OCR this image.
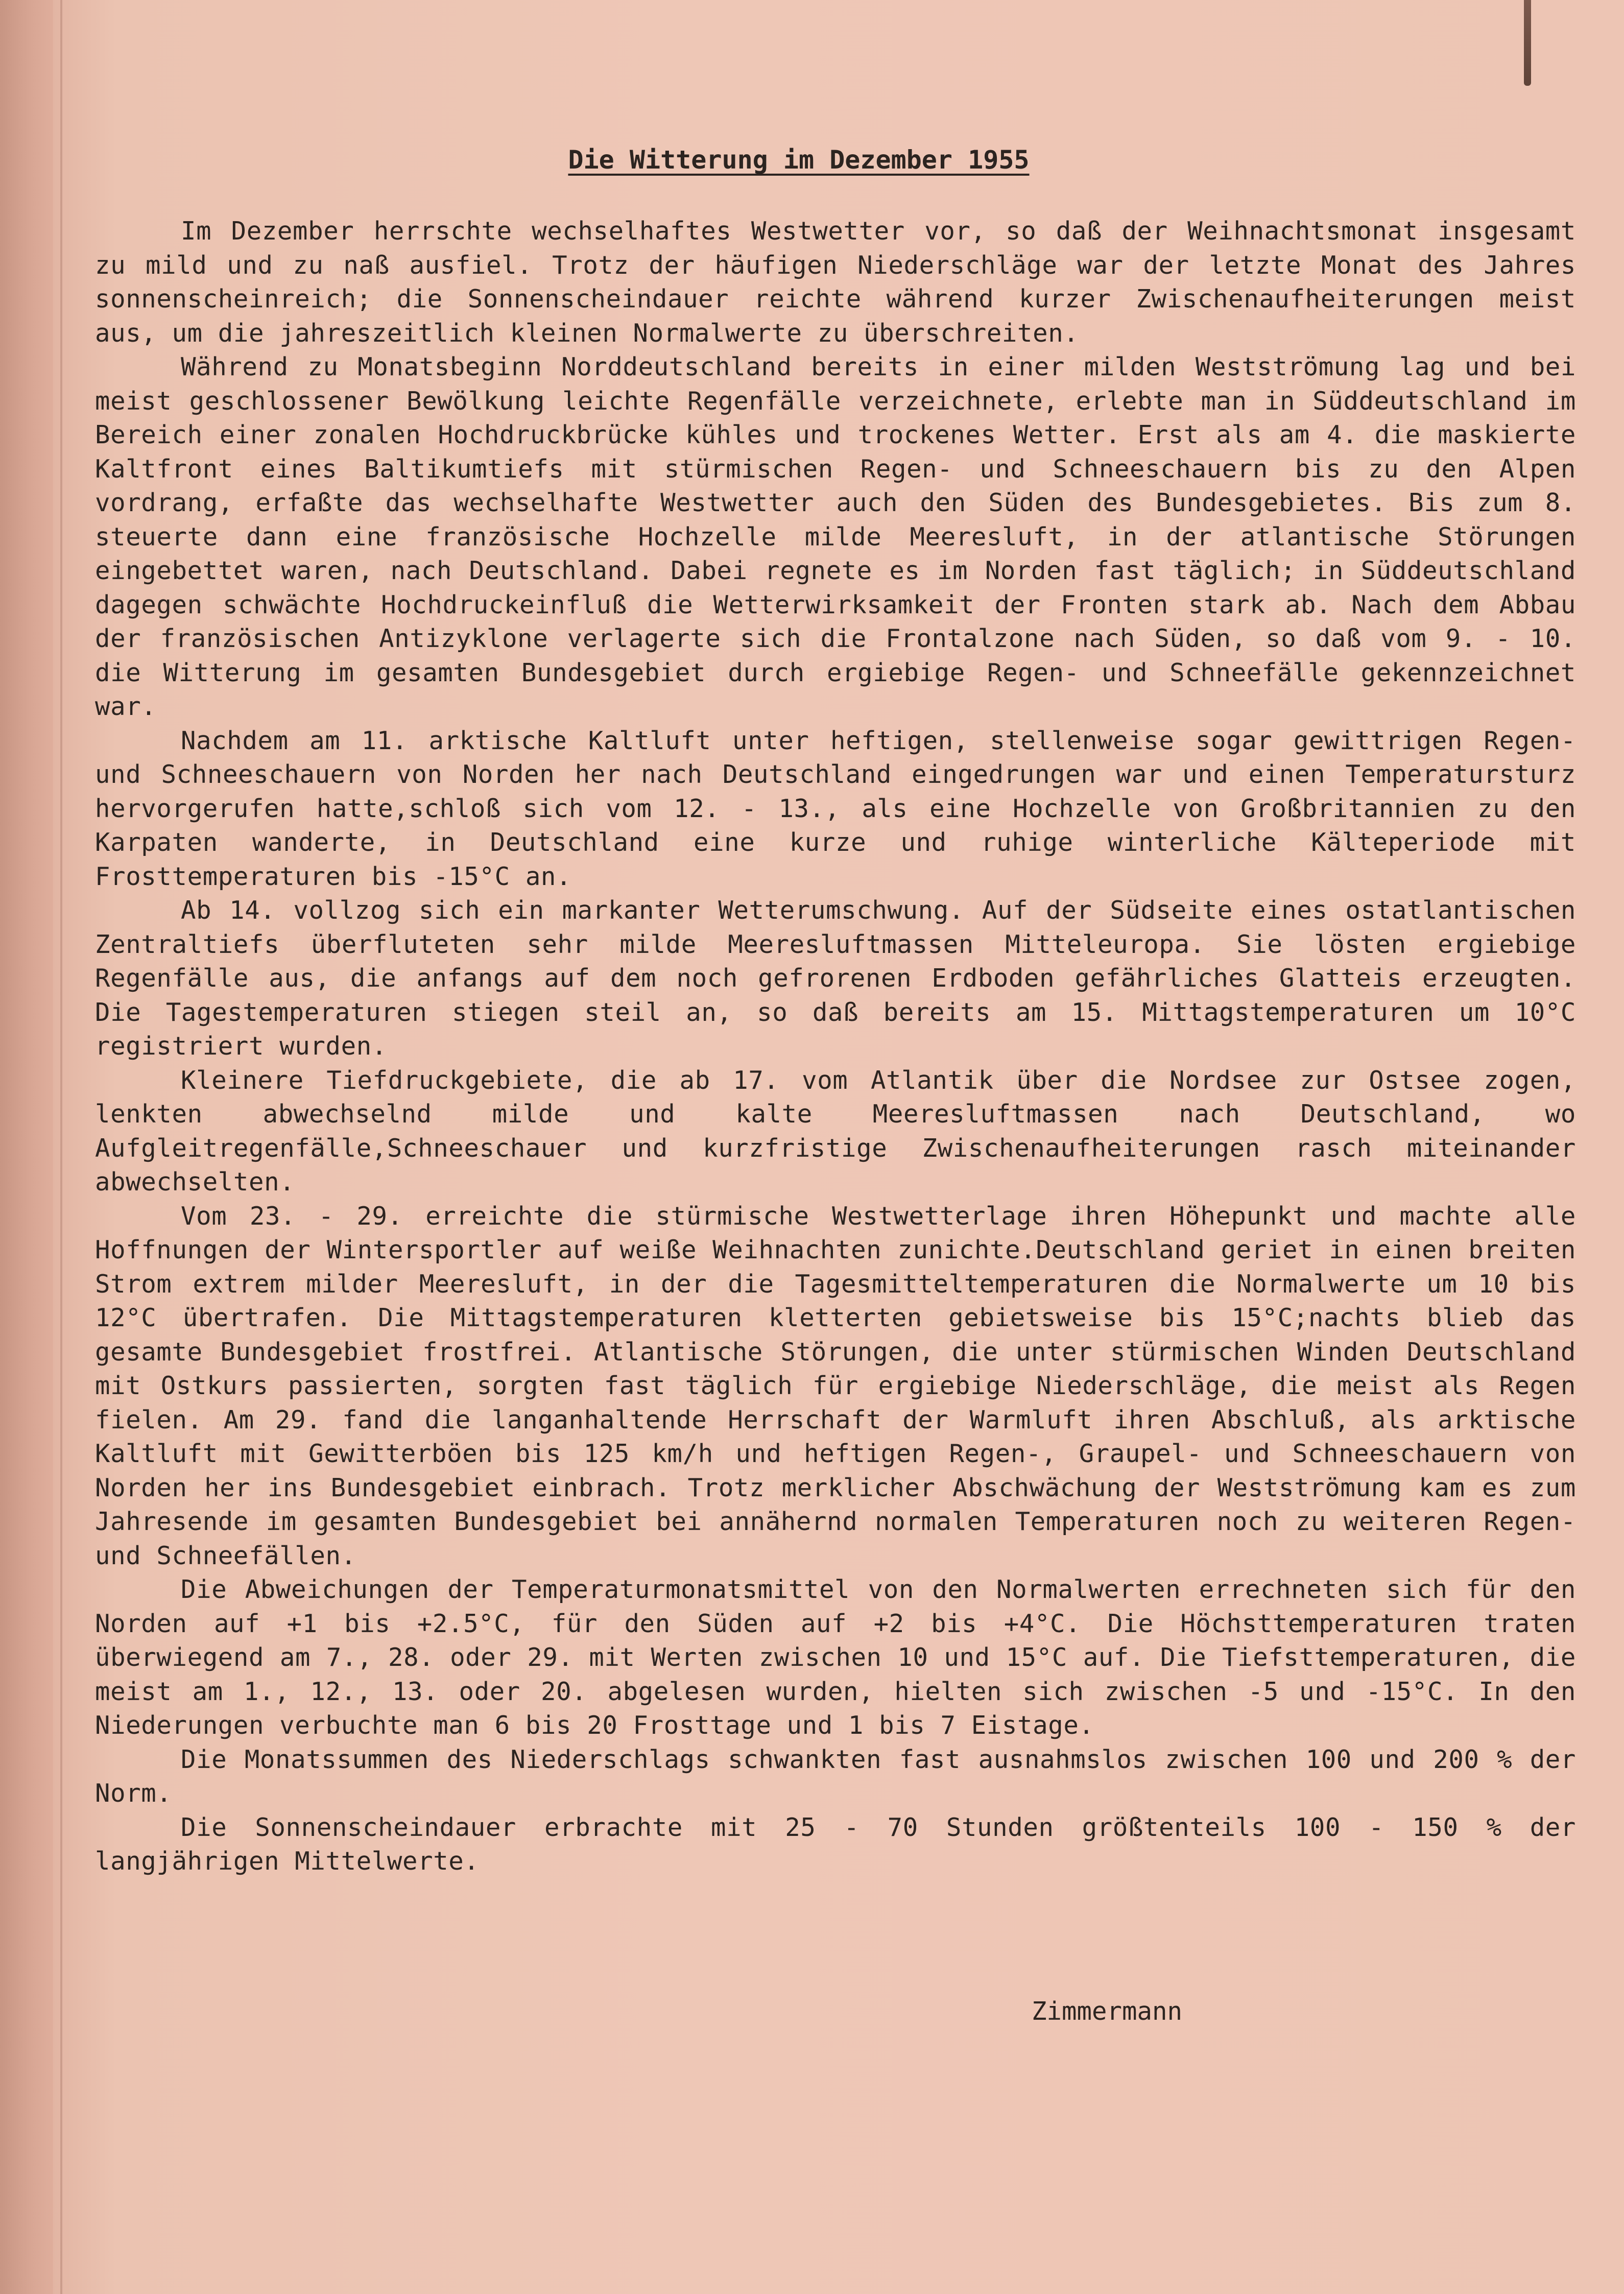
Die Witterung im Dezember 1955

Im Dezember herrschte wechselhaftes Westwetter vor, so daß der Weihnachtsmonat insgesamt zu mild und zu naß ausfiel. Trotz der häufigen Niederschläge war der letzte Monat des Jahres sonnenscheinreich; die Sonnenscheindauer reichte während kurzer Zwischenaufheiterungen meist aus, um die jahreszeitlich kleinen Normalwerte zu überschreiten.

Während zu Monatsbeginn Norddeutschland bereits in einer milden Westströmung lag und bei meist geschlossener Bewölkung leichte Regenfälle verzeichnete, erlebte man in Süddeutschland im Bereich einer zonalen Hochdruckbrücke kühles und trockenes Wetter. Erst als am 4. die maskierte Kaltfront eines Baltikumtiefs mit stürmischen Regen- und Schneeschauern bis zu den Alpen vordrang, erfaßte das wechselhafte Westwetter auch den Süden des Bundesgebietes. Bis zum 8. steuerte dann eine französische Hochzelle milde Meeresluft, in der atlantische Störungen eingebettet waren, nach Deutschland. Dabei regnete es im Norden fast täglich; in Süddeutschland dagegen schwächte Hochdruckeinfluß die Wetterwirksamkeit der Fronten stark ab. Nach dem Abbau der französischen Antizyklone verlagerte sich die Frontalzone nach Süden, so daß vom 9. - 10. die Witterung im gesamten Bundesgebiet durch ergiebige Regen- und Schneefälle gekennzeichnet war.

Nachdem am 11. arktische Kaltluft unter heftigen, stellenweise sogar gewittrigen Regen- und Schneeschauern von Norden her nach Deutschland eingedrungen war und einen Temperatursturz hervorgerufen hatte,schloß sich vom 12. - 13., als eine Hochzelle von Großbritannien zu den Karpaten wanderte, in Deutschland eine kurze und ruhige winterliche Kälteperiode mit Frosttemperaturen bis -15°C an.

Ab 14. vollzog sich ein markanter Wetterumschwung. Auf der Südseite eines ostatlantischen Zentraltiefs überfluteten sehr milde Meeresluftmassen Mitteleuropa. Sie lösten ergiebige Regenfälle aus, die anfangs auf dem noch gefrorenen Erdboden gefährliches Glatteis erzeugten. Die Tagestemperaturen stiegen steil an, so daß bereits am 15. Mittagstemperaturen um 10°C registriert wurden.

Kleinere Tiefdruckgebiete, die ab 17. vom Atlantik über die Nordsee zur Ostsee zogen, lenkten abwechselnd milde und kalte Meeresluftmassen nach Deutschland, wo Aufgleitregenfälle,Schneeschauer und kurzfristige Zwischenaufheiterungen rasch miteinander abwechselten.

Vom 23. - 29. erreichte die stürmische Westwetterlage ihren Höhepunkt und machte alle Hoffnungen der Wintersportler auf weiße Weihnachten zunichte.Deutschland geriet in einen breiten Strom extrem milder Meeresluft, in der die Tagesmitteltemperaturen die Normalwerte um 10 bis 12°C übertrafen. Die Mittagstemperaturen kletterten gebietsweise bis 15°C;nachts blieb das gesamte Bundesgebiet frostfrei. Atlantische Störungen, die unter stürmischen Winden Deutschland mit Ostkurs passierten, sorgten fast täglich für ergiebige Niederschläge, die meist als Regen fielen. Am 29. fand die langanhaltende Herrschaft der Warmluft ihren Abschluß, als arktische Kaltluft mit Gewitterböen bis 125 km/h und heftigen Regen-, Graupel- und Schneeschauern von Norden her ins Bundesgebiet einbrach. Trotz merklicher Abschwächung der Westströmung kam es zum Jahresende im gesamten Bundesgebiet bei annähernd normalen Temperaturen noch zu weiteren Regen- und Schneefällen.

Die Abweichungen der Temperaturmonatsmittel von den Normalwerten errechneten sich für den Norden auf +1 bis +2.5°C, für den Süden auf +2 bis +4°C. Die Höchsttemperaturen traten überwiegend am 7., 28. oder 29. mit Werten zwischen 10 und 15°C auf. Die Tiefsttemperaturen, die meist am 1., 12., 13. oder 20. abgelesen wurden, hielten sich zwischen -5 und -15°C. In den Niederungen verbuchte man 6 bis 20 Frosttage und 1 bis 7 Eistage.

Die Monatssummen des Niederschlags schwankten fast ausnahmslos zwischen 100 und 200 % der Norm.

Die Sonnenscheindauer erbrachte mit 25 - 70 Stunden größtenteils 100 - 150 % der langjährigen Mittelwerte.

Zimmermann
